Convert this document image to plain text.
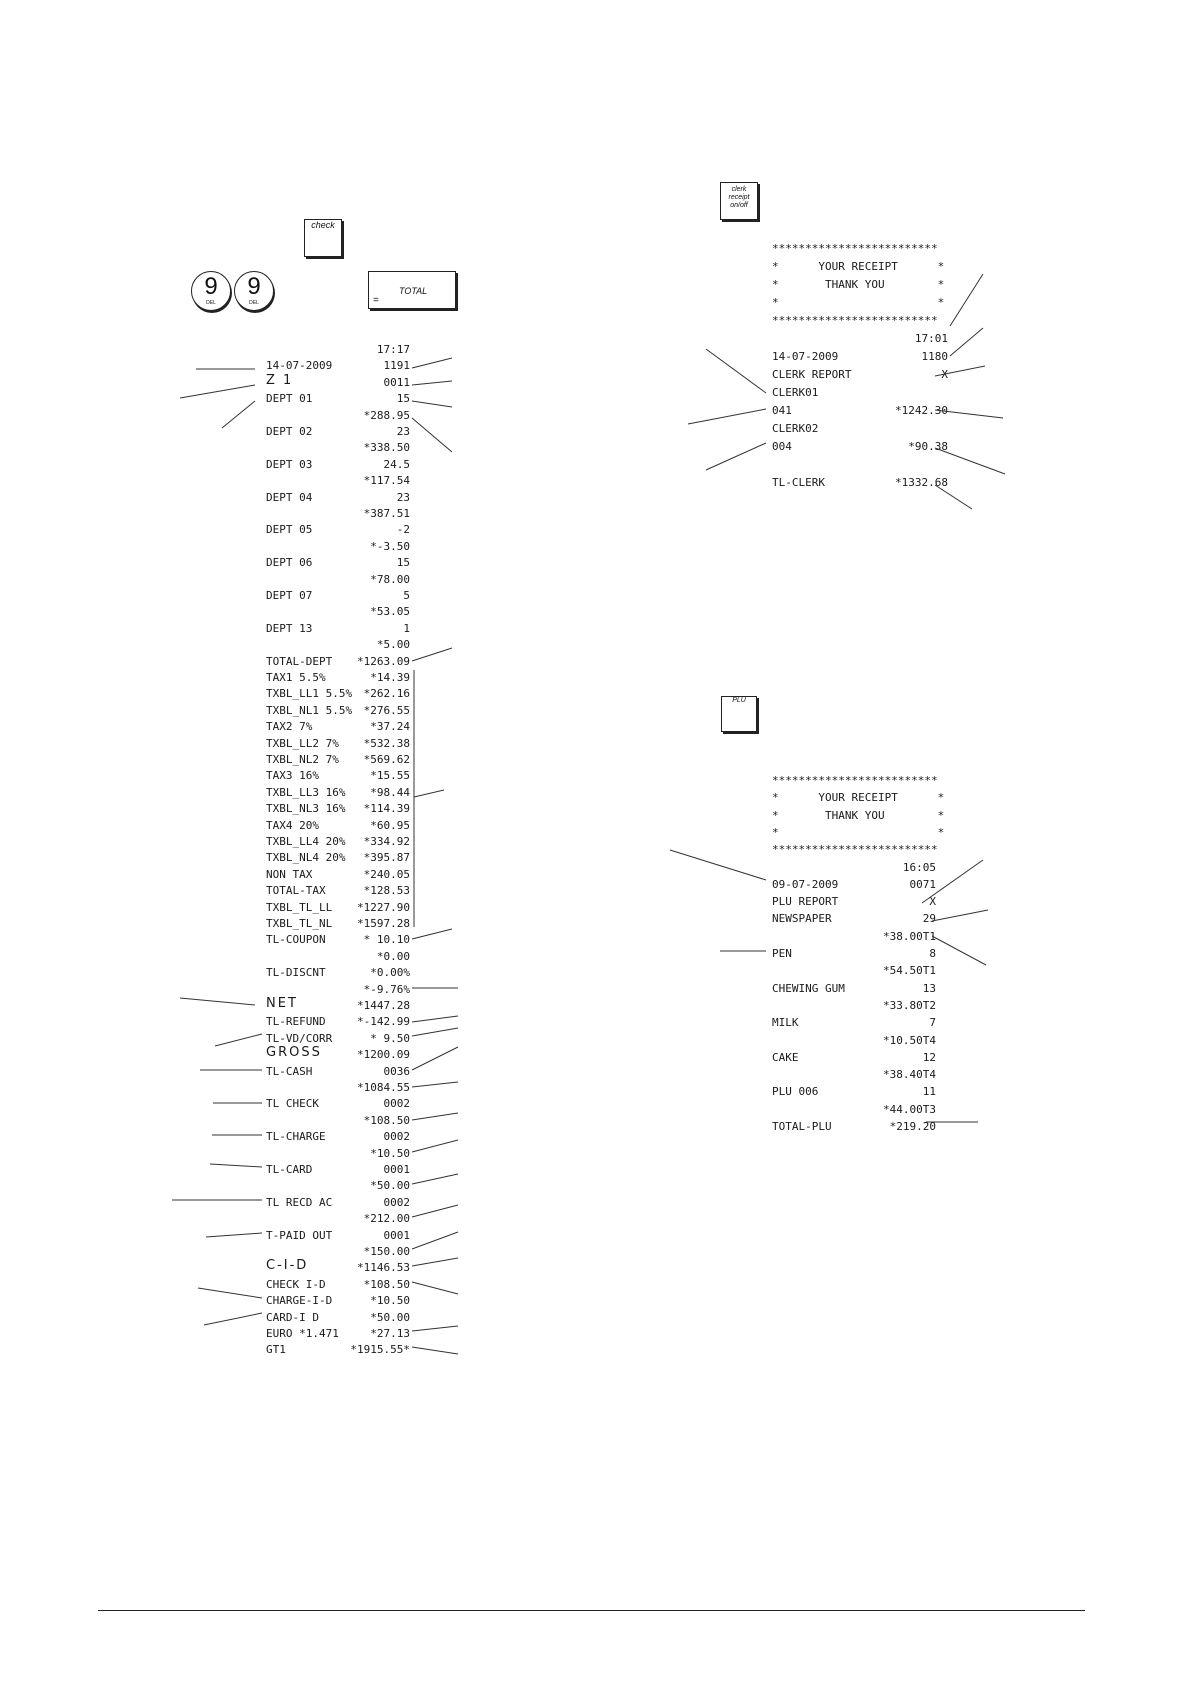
check
9
DEL
9
DEL	=
TOTAL
clerk
receipt
on/off
PLU
17:17
14-07-2009	1191
Z 1	0011
DEPT 01	15
*288.95
DEPT 02	23
*338.50
DEPT 03	24.5
*117.54
DEPT 04	23
*387.51
DEPT 05	-2
*-3.50
DEPT 06	15
*78.00
DEPT 07	5
*53.05
DEPT 13	1
*5.00
TOTAL-DEPT *1263.09
TAX1 5.5%	*14.39
TXBL_LL1 5.5% *262.16
TXBL_NL1 5.5% *276.55
TAX2 7%	*37.24
TXBL_LL2 7% *532.38
TXBL_NL2 7% *569.62
TAX3 16%	*15.55
TXBL_LL3 16% *98.44
TXBL_NL3 16% *114.39
TAX4 20%	*60.95
TXBL_LL4 20% *334.92
TXBL_NL4 20% *395.87
NON TAX	*240.05
TOTAL-TAX	*128.53
TXBL_TL_LL *1227.90
TXBL_TL_NL *1597.28
TL-COUPON	* 10.10
*0.00
TL-DISCNT	*0.00%
*-9.76%
NET	*1447.28
TL-REFUND	*-142.99
TL-VD/CORR	* 9.50
GROSS	*1200.09
TL-CASH	0036
*1084.55
TL CHECK	0002
*108.50
TL-CHARGE	0002
*10.50
TL-CARD	0001
*50.00
TL RECD AC	0002
*212.00
T-PAID OUT	0001
*150.00
C-I-D	*1146.53
CHECK I-D	*108.50
CHARGE-I-D	*10.50
CARD-I D	*50.00
EURO *1.471	*27.13
GT1	*1915.55*
*************************
*      YOUR RECEIPT      *
*       THANK YOU        *
*                        *
*************************
17:01
14-07-2009	1180
CLERK REPORT	X
CLERK01
041	*1242.30
CLERK02
004	*90.38
TL-CLERK	*1332.68
*************************
*      YOUR RECEIPT      *
*       THANK YOU        *
*                        *
*************************
16:05
09-07-2009	0071
PLU REPORT	X
NEWSPAPER	29
*38.00T1
PEN	8
*54.50T1
CHEWING GUM	13
*33.80T2
MILK	7
*10.50T4
CAKE	12
*38.40T4
PLU 006	11
*44.00T3
TOTAL-PLU	*219.20
